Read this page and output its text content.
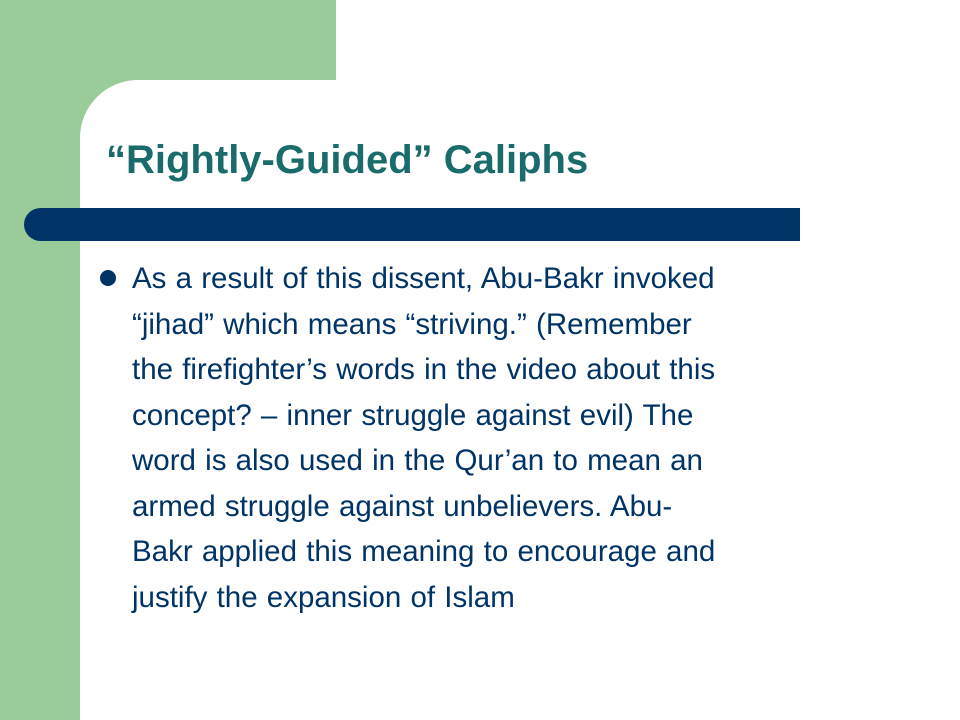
“Rightly-Guided” Caliphs
As a result of this dissent, Abu-Bakr invoked
“jihad” which means “striving.” (Remember
the firefighter’s words in the video about this
concept? – inner struggle against evil) The
word is also used in the Qur’an to mean an
armed struggle against unbelievers. Abu-
Bakr applied this meaning to encourage and
justify the expansion of Islam
